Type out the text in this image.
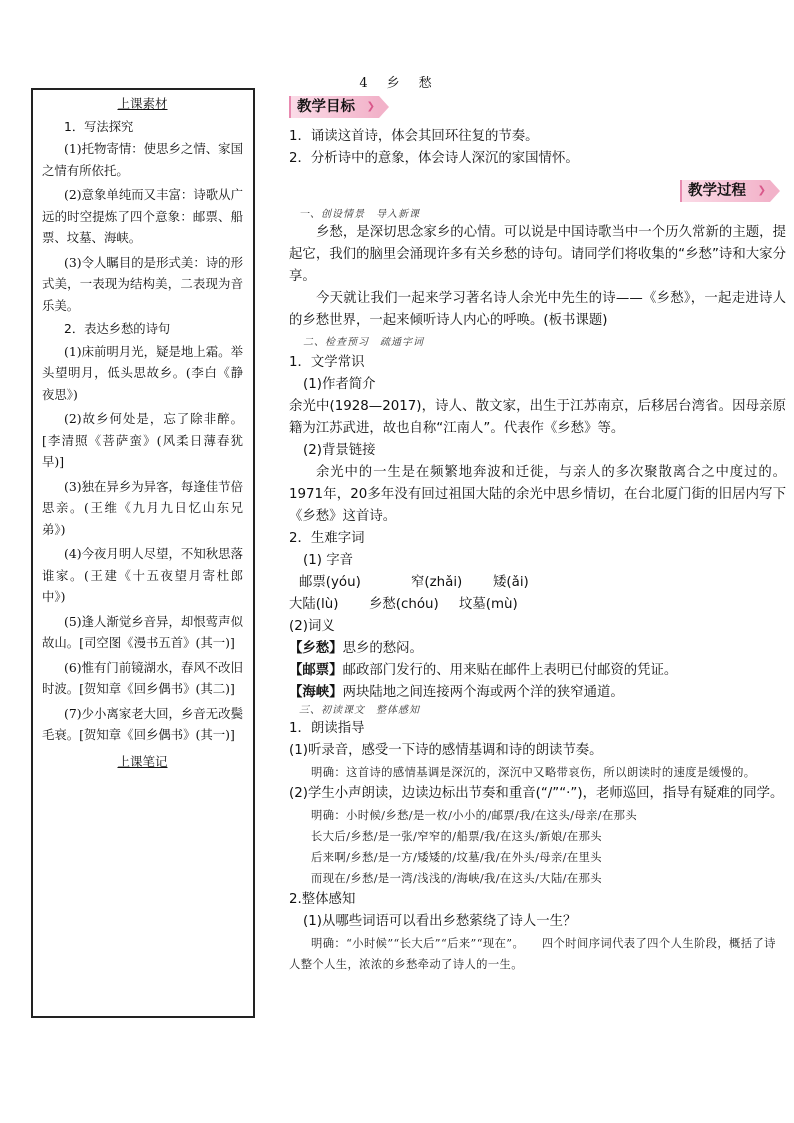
4　乡　愁
上课素材
1．写法探究

(1)托物寄情：使思乡之情、家国之情有所依托。

(2)意象单纯而又丰富：诗歌从广远的时空提炼了四个意象：邮票、船票、坟墓、海峡。

(3)令人瞩目的是形式美：诗的形式美，一表现为结构美，二表现为音乐美。

2．表达乡愁的诗句

(1)床前明月光，疑是地上霜。举头望明月，低头思故乡。(李白《静夜思》)

(2)故乡何处是，忘了除非醉。[李清照《菩萨蛮》(风柔日薄春犹早)]

(3)独在异乡为异客，每逢佳节倍思亲。(王维《九月九日忆山东兄弟》)

(4)今夜月明人尽望，不知秋思落谁家。(王建《十五夜望月寄杜郎中》)

(5)逢人渐觉乡音异，却恨莺声似故山。[司空图《漫书五首》(其一)]

(6)惟有门前镜湖水，春风不改旧时波。[贺知章《回乡偶书》(其二)]

(7)少小离家老大回，乡音无改鬓毛衰。[贺知章《回乡偶书》(其一)]

上课笔记
教学目标 ❯

1．诵读这首诗，体会其回环往复的节奏。

2．分析诗中的意象，体会诗人深沉的家国情怀。

教学过程 ❯
一、创设情景　导入新课

乡愁，是深切思念家乡的心情。可以说是中国诗歌当中一个历久常新的主题，提起它，我们的脑里会涌现许多有关乡愁的诗句。请同学们将收集的“乡愁”诗和大家分享。

今天就让我们一起来学习著名诗人余光中先生的诗——《乡愁》，一起走进诗人的乡愁世界，一起来倾听诗人内心的呼唤。(板书课题)

二、检查预习　疏通字词

1．文学常识

(1)作者简介

余光中(1928—2017)，诗人、散文家，出生于江苏南京，后移居台湾省。因母亲原籍为江苏武进，故也自称“江南人”。代表作《乡愁》等。

(2)背景链接

余光中的一生是在频繁地奔波和迁徙，与亲人的多次聚散离合之中度过的。1971年，20多年没有回过祖国大陆的余光中思乡情切，在台北厦门街的旧居内写下《乡愁》这首诗。

2．生难字词

(1) 字音

邮票(yóu)	窄(zhǎi)	矮(ǎi)
大陆(lù)	乡愁(chóu)	坟墓(mù)

(2)词义

【乡愁】思乡的愁闷。

【邮票】邮政部门发行的、用来贴在邮件上表明已付邮资的凭证。

【海峡】两块陆地之间连接两个海或两个洋的狭窄通道。

三、初读课文　整体感知

1．朗读指导

(1)听录音，感受一下诗的感情基调和诗的朗读节奏。

明确：这首诗的感情基调是深沉的，深沉中又略带哀伤，所以朗读时的速度是缓慢的。

(2)学生小声朗读，边读边标出节奏和重音(“/”“·”)，老师巡回，指导有疑难的同学。

明确：小时候/乡愁/是一枚/小小的/邮票/我/在这头/母亲/在那头

长大后/乡愁/是一张/窄窄的/船票/我/在这头/新娘/在那头

后来啊/乡愁/是一方/矮矮的/坟墓/我/在外头/母亲/在里头

而现在/乡愁/是一湾/浅浅的/海峡/我/在这头/大陆/在那头

2.整体感知

(1)从哪些词语可以看出乡愁萦绕了诗人一生？

明确：“小时候”“长大后”“后来”“现在”。　　四个时间序词代表了四个人生阶段，概括了诗人整个人生，浓浓的乡愁牵动了诗人的一生。
